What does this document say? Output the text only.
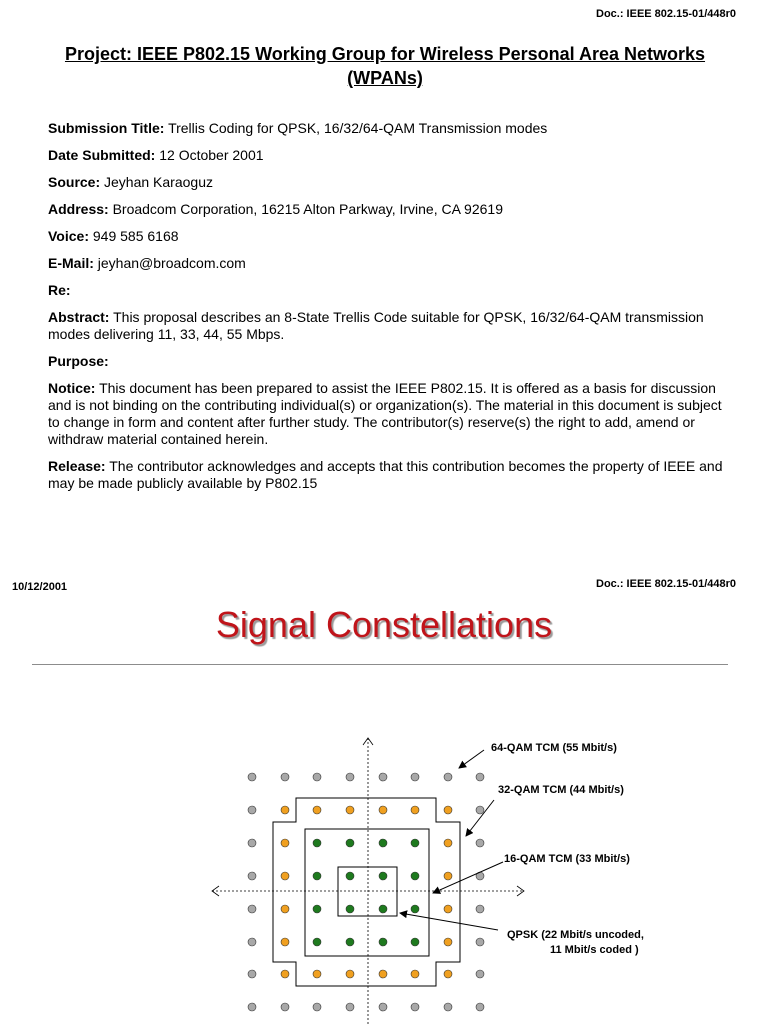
Doc.: IEEE 802.15-01/448r0
Project: IEEE P802.15 Working Group for Wireless Personal Area Networks (WPANs)
Submission Title: Trellis Coding for QPSK, 16/32/64-QAM Transmission modes
Date Submitted: 12 October 2001
Source: Jeyhan Karaoguz
Address: Broadcom Corporation, 16215 Alton Parkway, Irvine, CA 92619
Voice: 949 585 6168
E-Mail: jeyhan@broadcom.com
Re:
Abstract: This proposal describes an 8-State Trellis Code suitable for QPSK, 16/32/64-QAM transmission modes delivering 11, 33, 44, 55 Mbps.
Purpose:
Notice: This document has been prepared to assist the IEEE P802.15. It is offered as a basis for discussion and is not binding on the contributing individual(s) or organization(s). The material in this document is subject to change in form and content after further study. The contributor(s) reserve(s) the right to add, amend or withdraw material contained herein.
Release: The contributor acknowledges and accepts that this contribution becomes the property of IEEE and may be made publicly available by P802.15
10/12/2001	Doc.: IEEE 802.15-01/448r0
Signal Constellations
64-QAM TCM (55 Mbit/s)
32-QAM TCM (44 Mbit/s)
16-QAM TCM (33 Mbit/s)
QPSK (22 Mbit/s uncoded,
11 Mbit/s coded )
